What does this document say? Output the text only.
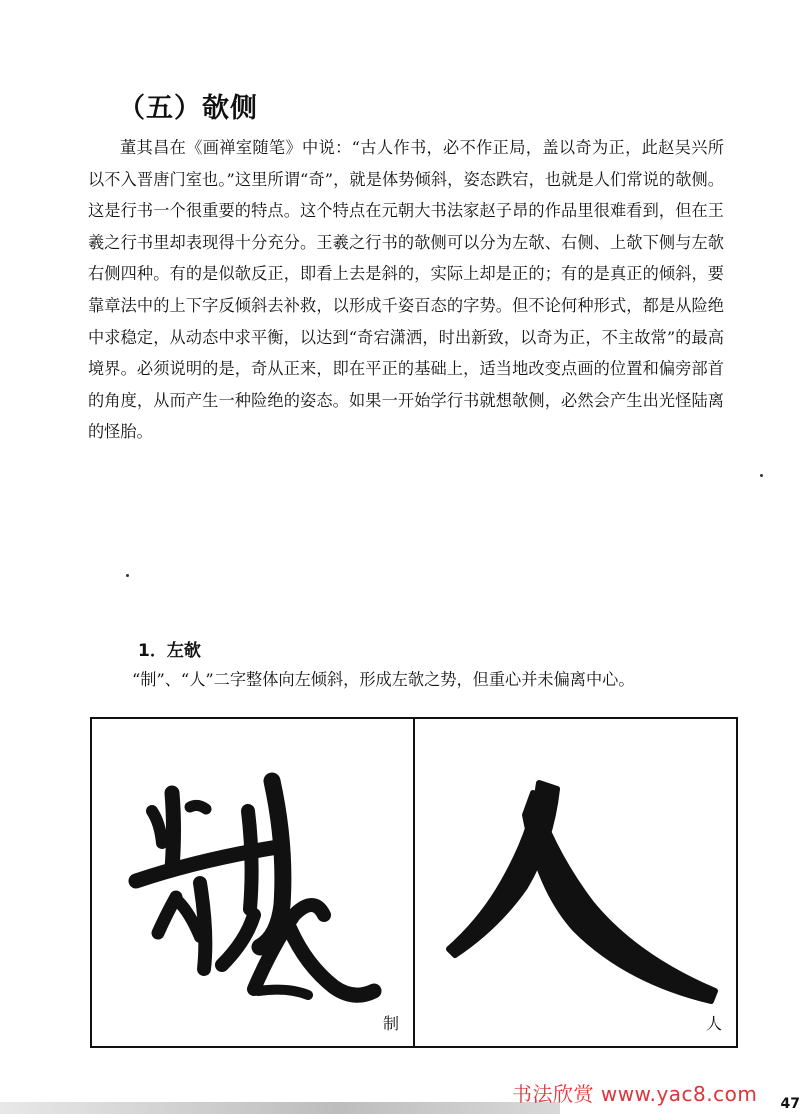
（五）欹侧

董其昌在《画禅室随笔》中说：“古人作书，必不作正局，盖以奇为正，此赵吴兴所以不入晋唐门室也。”这里所谓“奇”，就是体势倾斜，姿态跌宕，也就是人们常说的欹侧。这是行书一个很重要的特点。这个特点在元朝大书法家赵子昂的作品里很难看到，但在王羲之行书里却表现得十分充分。王羲之行书的欹侧可以分为左欹、右侧、上欹下侧与左欹右侧四种。有的是似欹反正，即看上去是斜的，实际上却是正的；有的是真正的倾斜，要靠章法中的上下字反倾斜去补救，以形成千姿百态的字势。但不论何种形式，都是从险绝中求稳定，从动态中求平衡，以达到“奇宕潇洒，时出新致，以奇为正，不主故常”的最高境界。必须说明的是，奇从正来，即在平正的基础上，适当地改变点画的位置和偏旁部首的角度，从而产生一种险绝的姿态。如果一开始学行书就想欹侧，必然会产生出光怪陆离的怪胎。

1．左欹
“制”、“人”二字整体向左倾斜，形成左欹之势，但重心并未偏离中心。
制	人
书法欣赏 www.yac8.com 47
